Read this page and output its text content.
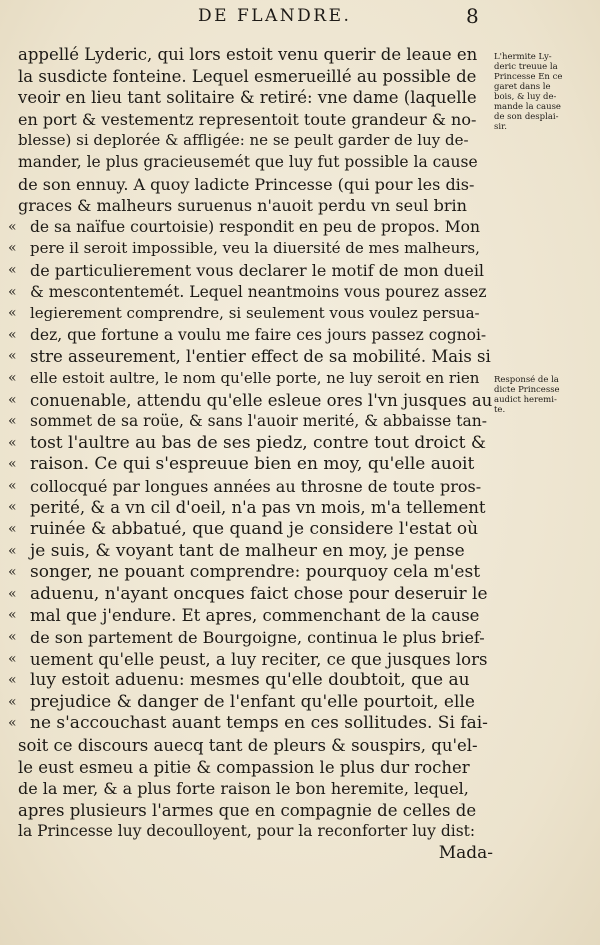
DE FLANDRE.	8
appellé Lyderic, qui lors estoit venu querir de leaue en
la susdicte fonteine. Lequel esmerueillé au possible de
veoir en lieu tant solitaire & retiré: vne dame (laquelle
en port & vestementz representoit toute grandeur & no-
blesse) si deplorée & affligée: ne se peult garder de luy de-
mander, le plus gracieusemét que luy fut possible la cause
de son ennuy. A quoy ladicte Princesse (qui pour les dis-
graces & malheurs suruenus n'auoit perdu vn seul brin
« de sa naïfue courtoisie) respondit en peu de propos. Mon
« pere il seroit impossible, veu la diuersité de mes malheurs,
« de particulierement vous declarer le motif de mon dueil
« & mescontentemét. Lequel neantmoins vous pourez assez
« legierement comprendre, si seulement vous voulez persua-
« dez, que fortune a voulu me faire ces jours passez cognoi-
« stre asseurement, l'entier effect de sa mobilité. Mais si
« elle estoit aultre, le nom qu'elle porte, ne luy seroit en rien
« conuenable, attendu qu'elle esleue ores l'vn jusques au
« sommet de sa roüe, & sans l'auoir merité, & abbaisse tan-
« tost l'aultre au bas de ses piedz, contre tout droict &
« raison. Ce qui s'espreuue bien en moy, qu'elle auoit
« collocqué par longues années au throsne de toute pros-
« perité, & a vn cil d'oeil, n'a pas vn mois, m'a tellement
« ruinée & abbatué, que quand je considere l'estat où
« je suis, & voyant tant de malheur en moy, je pense
« songer, ne pouant comprendre: pourquoy cela m'est
« aduenu, n'ayant oncques faict chose pour deseruir le
« mal que j'endure. Et apres, commenchant de la cause
« de son partement de Bourgoigne, continua le plus brief-
« uement qu'elle peust, a luy reciter, ce que jusques lors
« luy estoit aduenu: mesmes qu'elle doubtoit, que au
« prejudice & danger de l'enfant qu'elle pourtoit, elle
« ne s'accouchast auant temps en ces sollitudes. Si fai-
soit ce discours auecq tant de pleurs & souspirs, qu'el-
le eust esmeu a pitie & compassion le plus dur rocher
de la mer, & a plus forte raison le bon heremite, lequel,
apres plusieurs l'armes que en compagnie de celles de
la Princesse luy decoulloyent, pour la reconforter luy dist:
Mada-
L'hermite Ly-
deric treuue la
Princesse En ce
garet dans le
bois, & luy de-
mande la cause
de son desplai-
sir.
Responsé de la
dicte Princesse
audict heremi-
te.
